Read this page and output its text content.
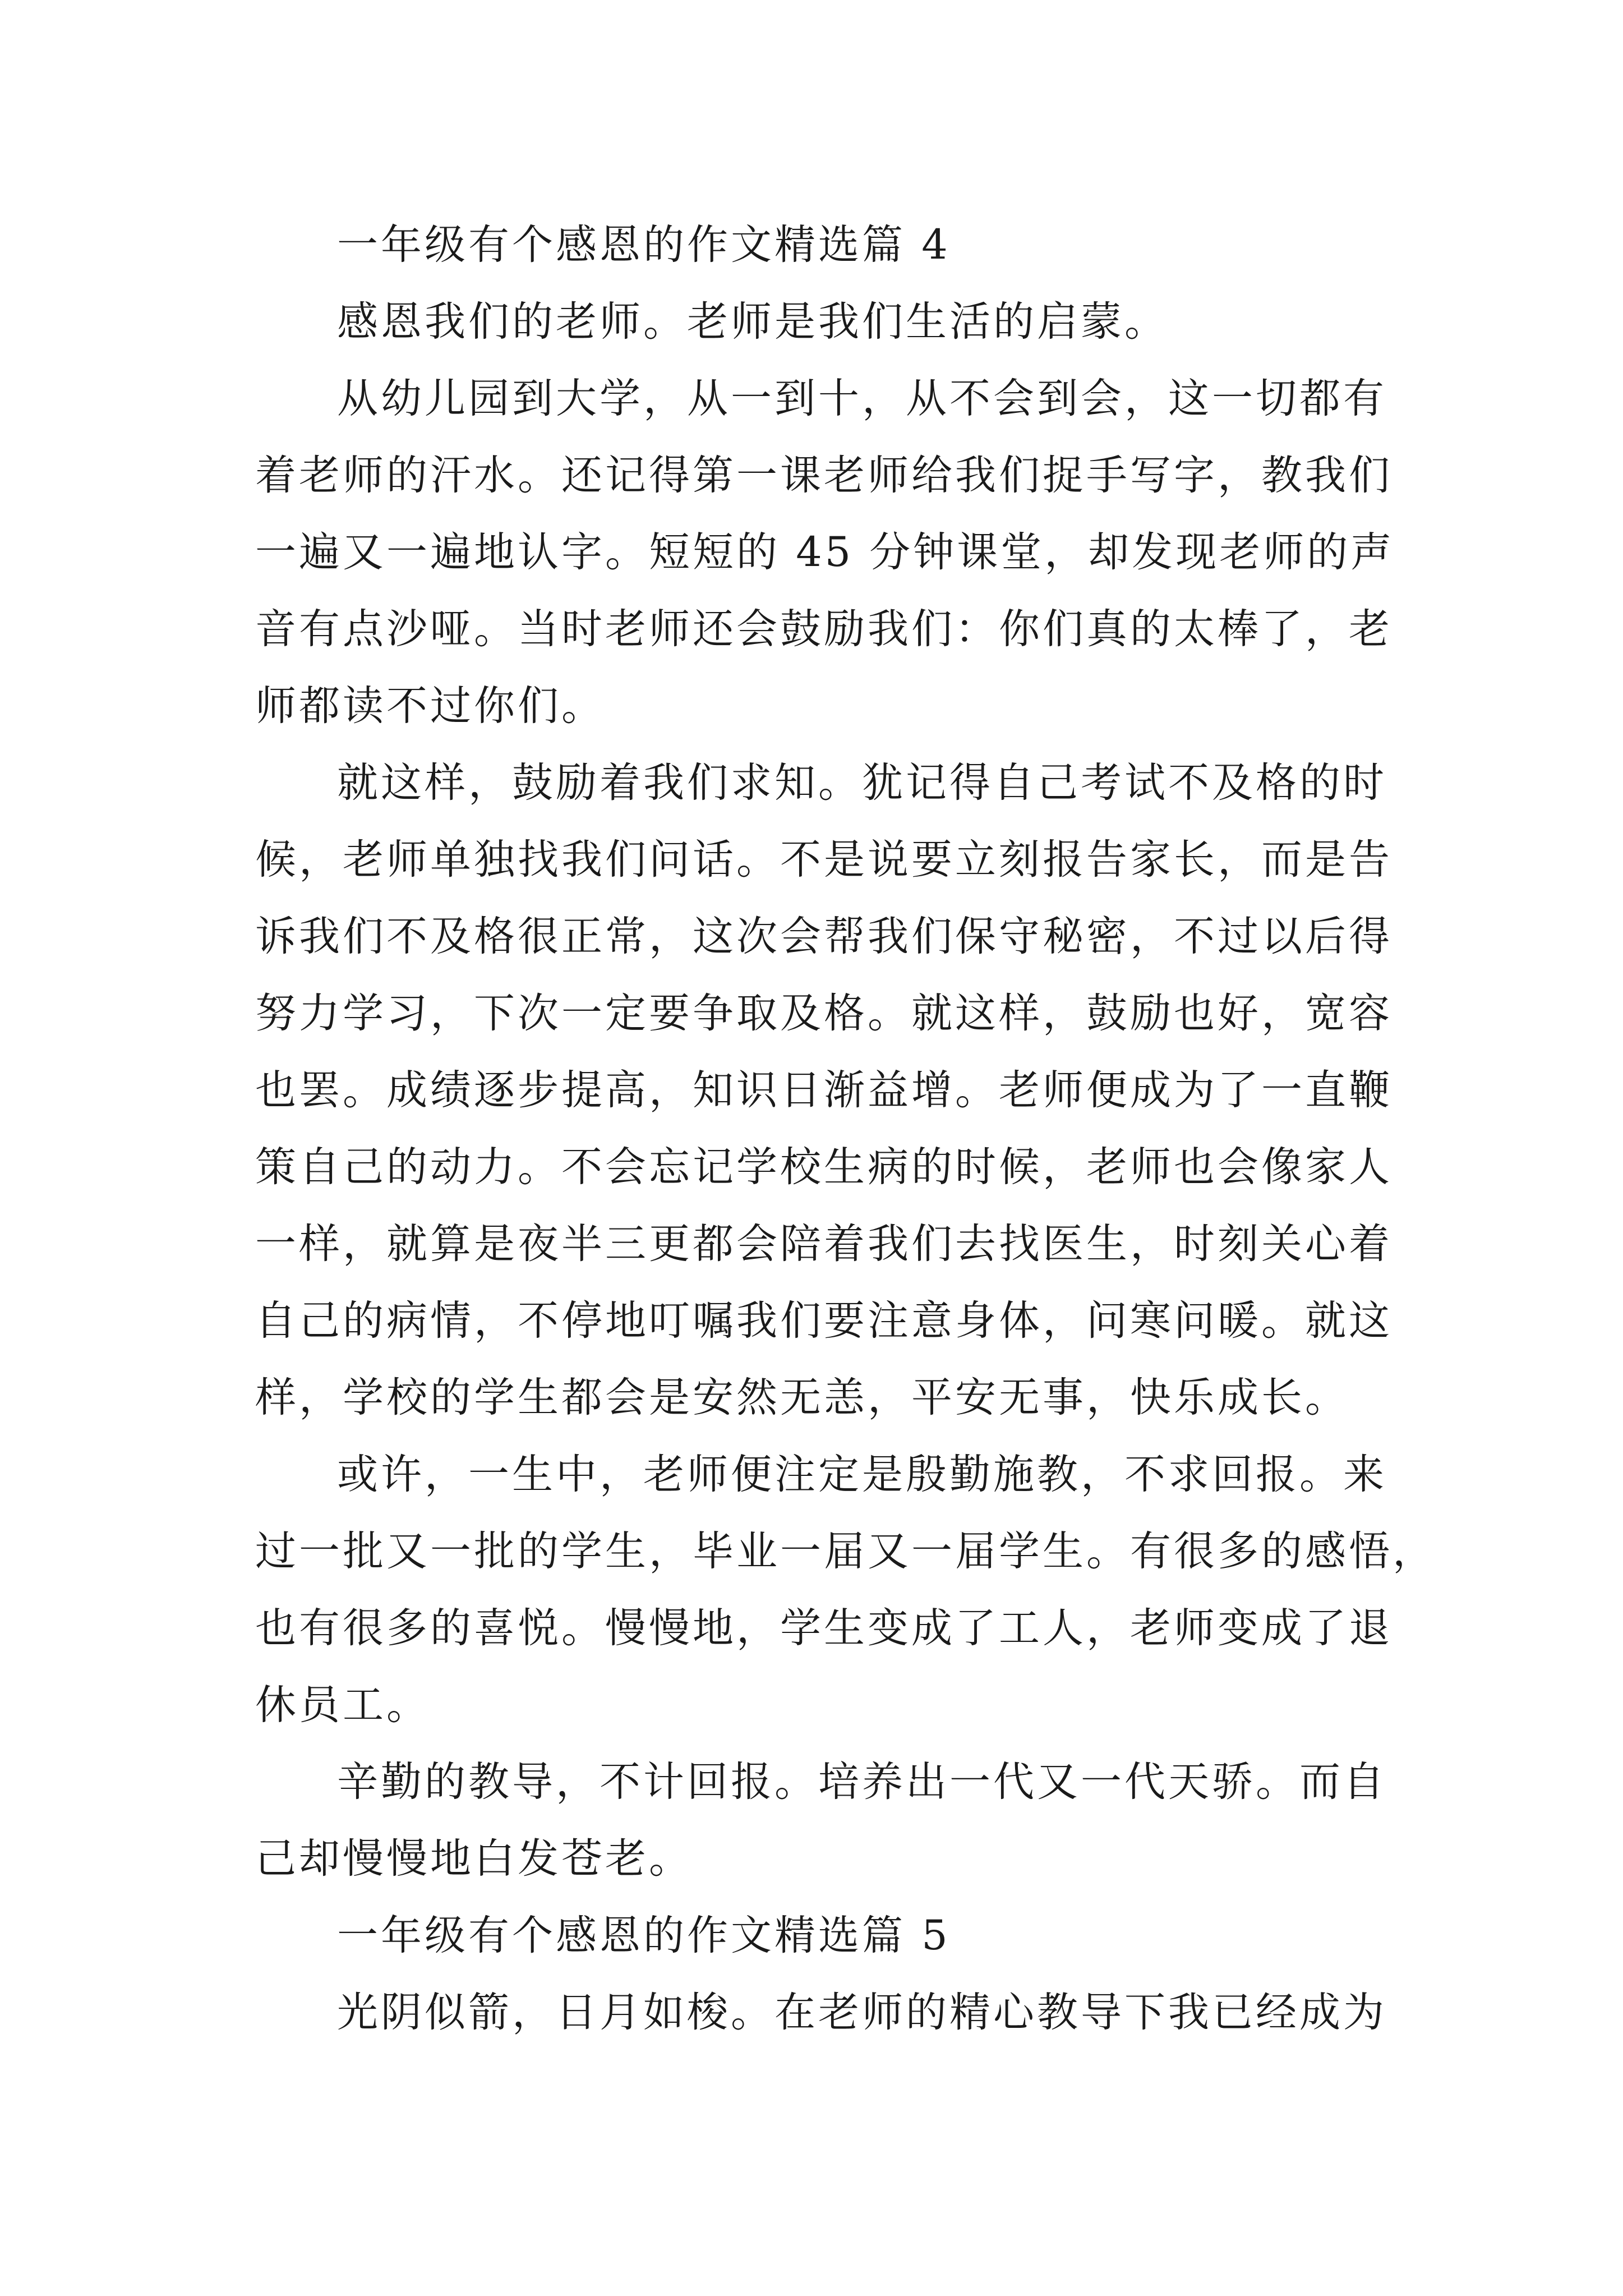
一年级有个感恩的作文精选篇 4
感恩我们的老师。老师是我们生活的启蒙。
从幼儿园到大学，从一到十，从不会到会，这一切都有
着老师的汗水。还记得第一课老师给我们捉手写字，教我们
一遍又一遍地认字。短短的 45 分钟课堂，却发现老师的声
音有点沙哑。当时老师还会鼓励我们：你们真的太棒了，老
师都读不过你们。
就这样，鼓励着我们求知。犹记得自己考试不及格的时
候，老师单独找我们问话。不是说要立刻报告家长，而是告
诉我们不及格很正常，这次会帮我们保守秘密，不过以后得
努力学习，下次一定要争取及格。就这样，鼓励也好，宽容
也罢。成绩逐步提高，知识日渐益增。老师便成为了一直鞭
策自己的动力。不会忘记学校生病的时候，老师也会像家人
一样，就算是夜半三更都会陪着我们去找医生，时刻关心着
自己的病情，不停地叮嘱我们要注意身体，问寒问暖。就这
样，学校的学生都会是安然无恙，平安无事，快乐成长。
或许，一生中，老师便注定是殷勤施教，不求回报。来
过一批又一批的学生，毕业一届又一届学生。有很多的感悟，
也有很多的喜悦。慢慢地，学生变成了工人，老师变成了退
休员工。
辛勤的教导，不计回报。培养出一代又一代天骄。而自
己却慢慢地白发苍老。
一年级有个感恩的作文精选篇 5
光阴似箭，日月如梭。在老师的精心教导下我已经成为
